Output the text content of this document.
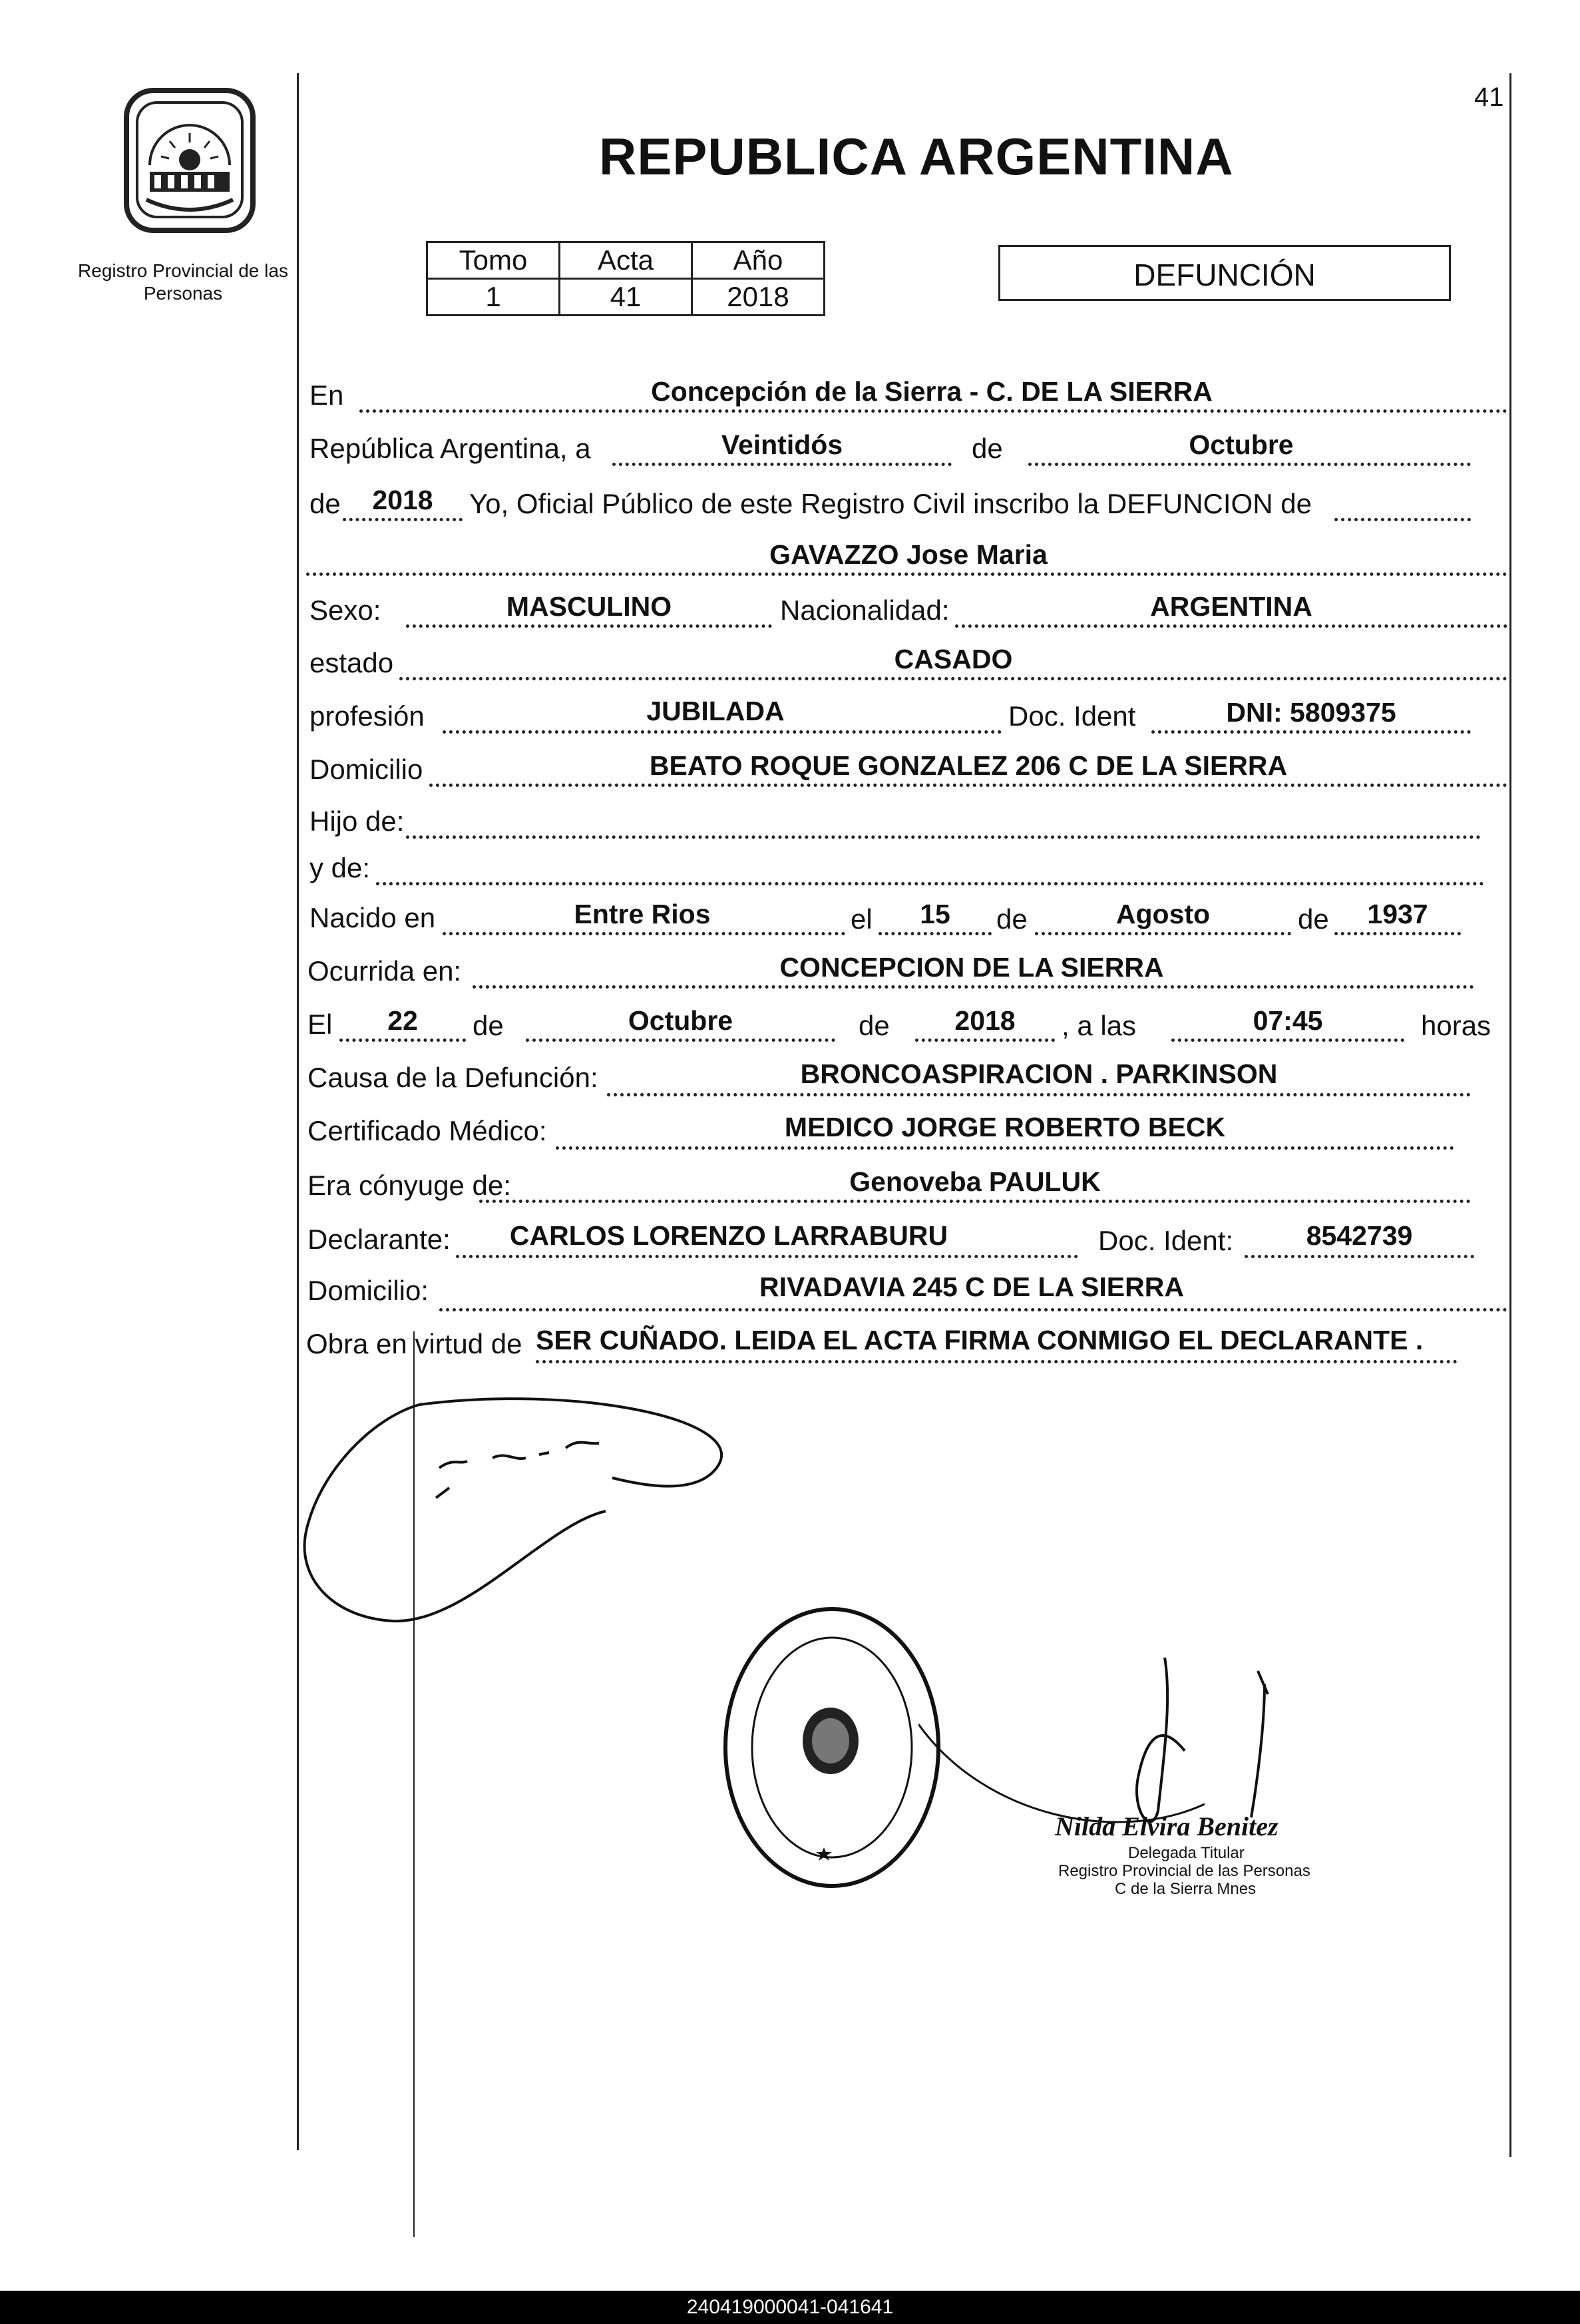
41
Registro Provincial de las Personas
REPUBLICA ARGENTINA
Tomo	Acta	Año
1	41	2018
DEFUNCIÓN
En	Concepción de la Sierra - C. DE LA SIERRA
República Argentina, a	Veintidós	de	Octubre
de	2018	Yo, Oficial Público de este Registro Civil inscribo la DEFUNCION de
GAVAZZO Jose Maria
Sexo:	MASCULINO	Nacionalidad:	ARGENTINA
estado	CASADO
profesión	JUBILADA	Doc. Ident	DNI: 5809375
Domicilio	BEATO ROQUE GONZALEZ 206 C DE LA SIERRA
Hijo de:
y de:
Nacido en	Entre Rios	el	15	de	Agosto	de	1937
Ocurrida en:	CONCEPCION DE LA SIERRA
El	22	de	Octubre	de	2018	, a las	07:45	horas
Causa de la Defunción:	BRONCOASPIRACION . PARKINSON
Certificado Médico:	MEDICO JORGE ROBERTO BECK
Era cónyuge de:	Genoveba PAULUK
Declarante:	CARLOS LORENZO LARRABURU	Doc. Ident:	8542739
Domicilio:	RIVADAVIA 245 C DE LA SIERRA
Obra en virtud de SER CUÑADO. LEIDA EL ACTA FIRMA CONMIGO EL DECLARANTE .
Nilda Elvira Benitez
Delegada Titular
Registro Provincial de las Personas
C de la Sierra Mnes
240419000041-041641
